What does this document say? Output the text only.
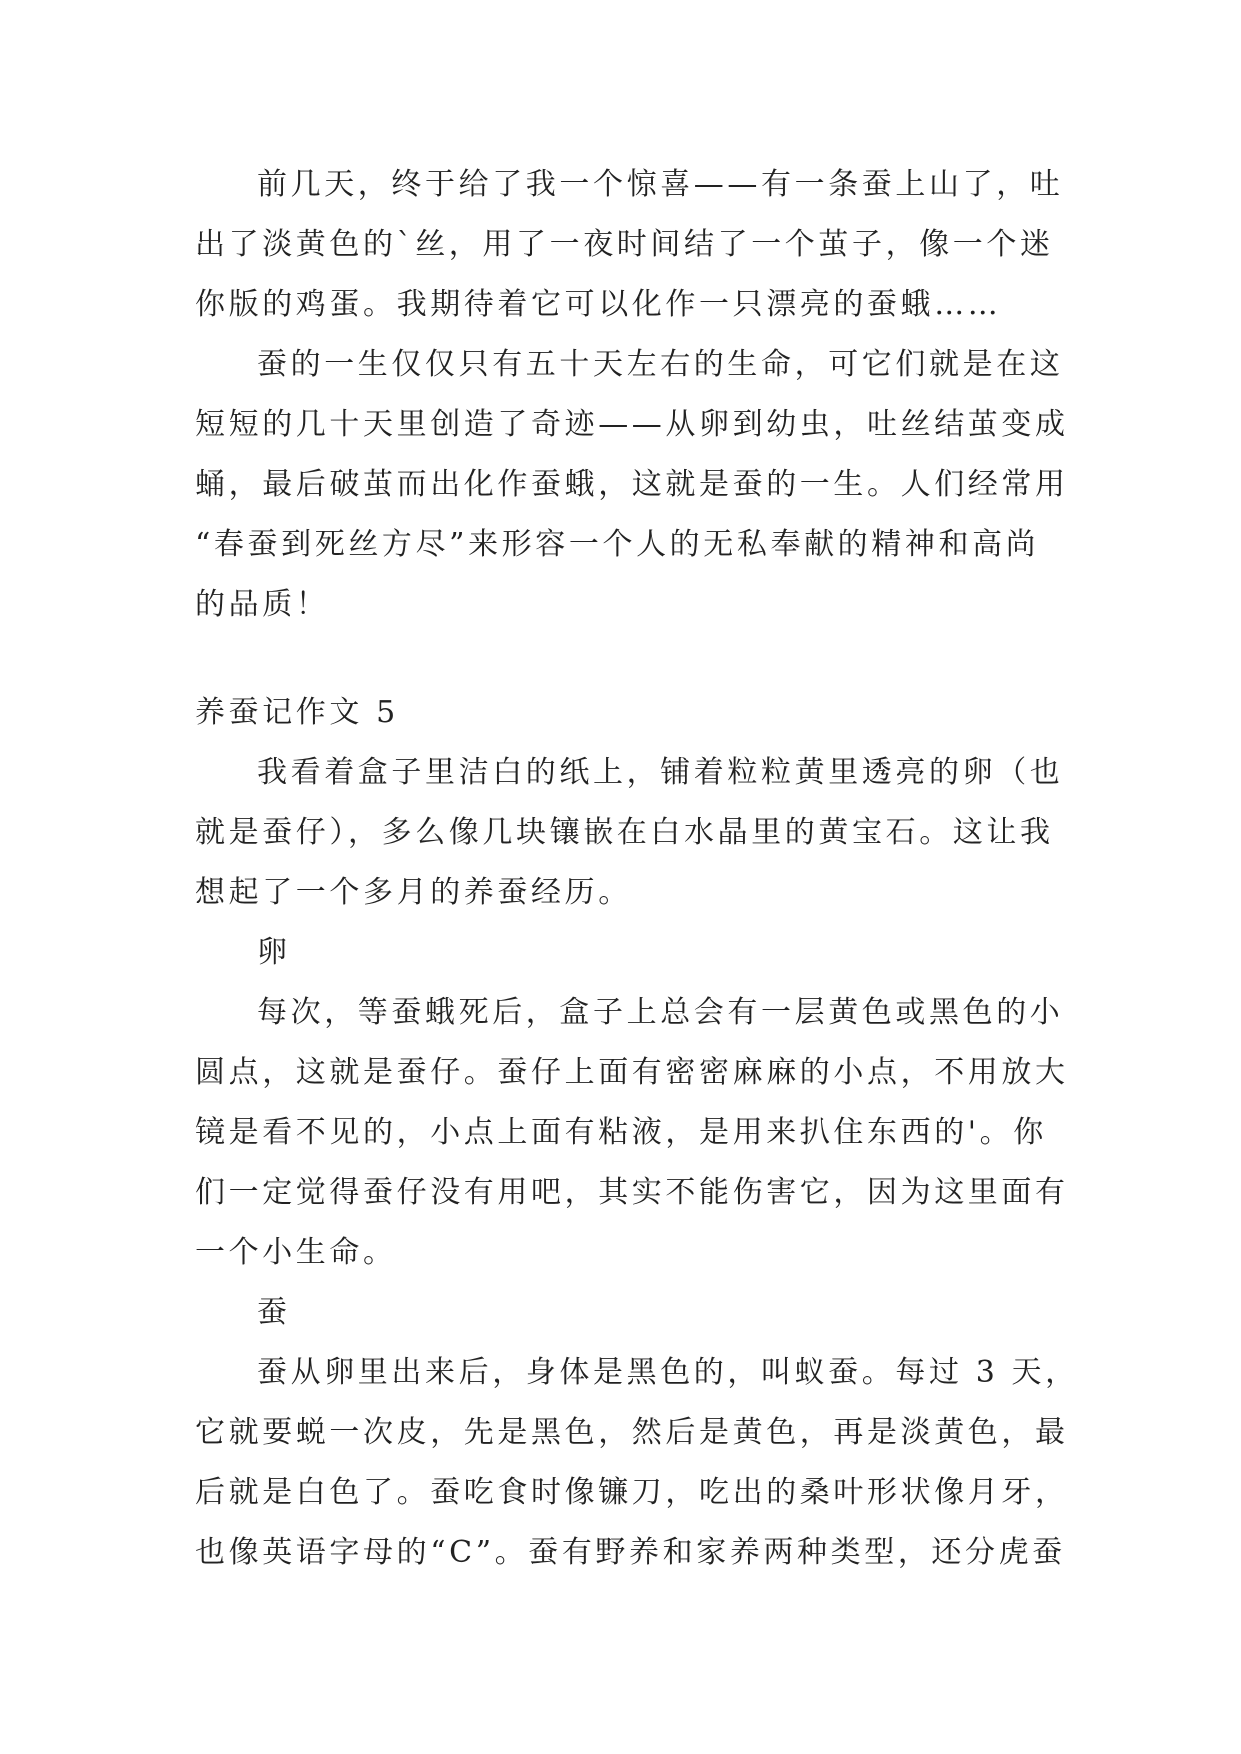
前几天，终于给了我一个惊喜——有一条蚕上山了，吐
出了淡黄色的`丝，用了一夜时间结了一个茧子，像一个迷
你版的鸡蛋。我期待着它可以化作一只漂亮的蚕蛾……
蚕的一生仅仅只有五十天左右的生命，可它们就是在这
短短的几十天里创造了奇迹——从卵到幼虫，吐丝结茧变成
蛹，最后破茧而出化作蚕蛾，这就是蚕的一生。人们经常用
“春蚕到死丝方尽”来形容一个人的无私奉献的精神和高尚
的品质！
养蚕记作文 5
我看着盒子里洁白的纸上，铺着粒粒黄里透亮的卵（也
就是蚕仔），多么像几块镶嵌在白水晶里的黄宝石。这让我
想起了一个多月的养蚕经历。
卵
每次，等蚕蛾死后，盒子上总会有一层黄色或黑色的小
圆点，这就是蚕仔。蚕仔上面有密密麻麻的小点，不用放大
镜是看不见的，小点上面有粘液，是用来扒住东西的'。你
们一定觉得蚕仔没有用吧，其实不能伤害它，因为这里面有
一个小生命。
蚕
蚕从卵里出来后，身体是黑色的，叫蚁蚕。每过 3 天，
它就要蜕一次皮，先是黑色，然后是黄色，再是淡黄色，最
后就是白色了。蚕吃食时像镰刀，吃出的桑叶形状像月牙，
也像英语字母的“C”。蚕有野养和家养两种类型，还分虎蚕
